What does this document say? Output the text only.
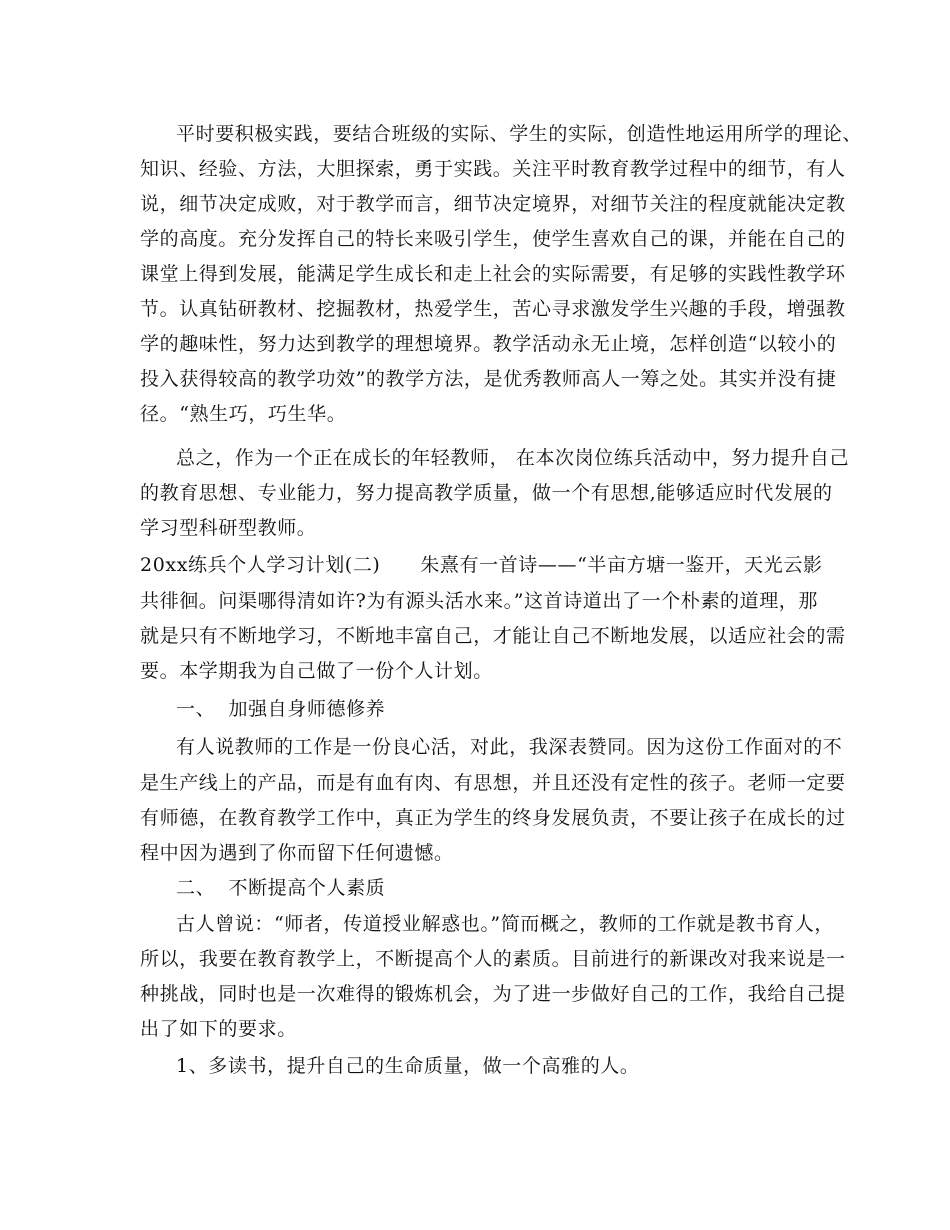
平时要积极实践，要结合班级的实际、学生的实际，创造性地运用所学的理论、
知识、经验、方法，大胆探索，勇于实践。关注平时教育教学过程中的细节，有人
说，细节决定成败，对于教学而言，细节决定境界，对细节关注的程度就能决定教
学的高度。充分发挥自己的特长来吸引学生，使学生喜欢自己的课，并能在自己的
课堂上得到发展，能满足学生成长和走上社会的实际需要，有足够的实践性教学环
节。认真钻研教材、挖掘教材，热爱学生，苦心寻求激发学生兴趣的手段，增强教
学的趣味性，努力达到教学的理想境界。教学活动永无止境，怎样创造“以较小的
投入获得较高的教学功效”的教学方法，是优秀教师高人一筹之处。其实并没有捷
径。“熟生巧，巧生华。
总之，作为一个正在成长的年轻教师， 在本次岗位练兵活动中，努力提升自己
的教育思想、专业能力，努力提高教学质量，做一个有思想,能够适应时代发展的
学习型科研型教师。
20xx练兵个人学习计划(二)      朱熹有一首诗——“半亩方塘一鉴开，天光云影
共徘徊。问渠哪得清如许?为有源头活水来。”这首诗道出了一个朴素的道理，那
就是只有不断地学习，不断地丰富自己，才能让自己不断地发展，以适应社会的需
要。本学期我为自己做了一份个人计划。
一、  加强自身师德修养
有人说教师的工作是一份良心活，对此，我深表赞同。因为这份工作面对的不
是生产线上的产品，而是有血有肉、有思想，并且还没有定性的孩子。老师一定要
有师德，在教育教学工作中，真正为学生的终身发展负责，不要让孩子在成长的过
程中因为遇到了你而留下任何遗憾。
二、  不断提高个人素质
古人曾说：“师者，传道授业解惑也。”简而概之，教师的工作就是教书育人，
所以，我要在教育教学上，不断提高个人的素质。目前进行的新课改对我来说是一
种挑战，同时也是一次难得的锻炼机会，为了进一步做好自己的工作，我给自己提
出了如下的要求。
1、多读书，提升自己的生命质量，做一个高雅的人。
